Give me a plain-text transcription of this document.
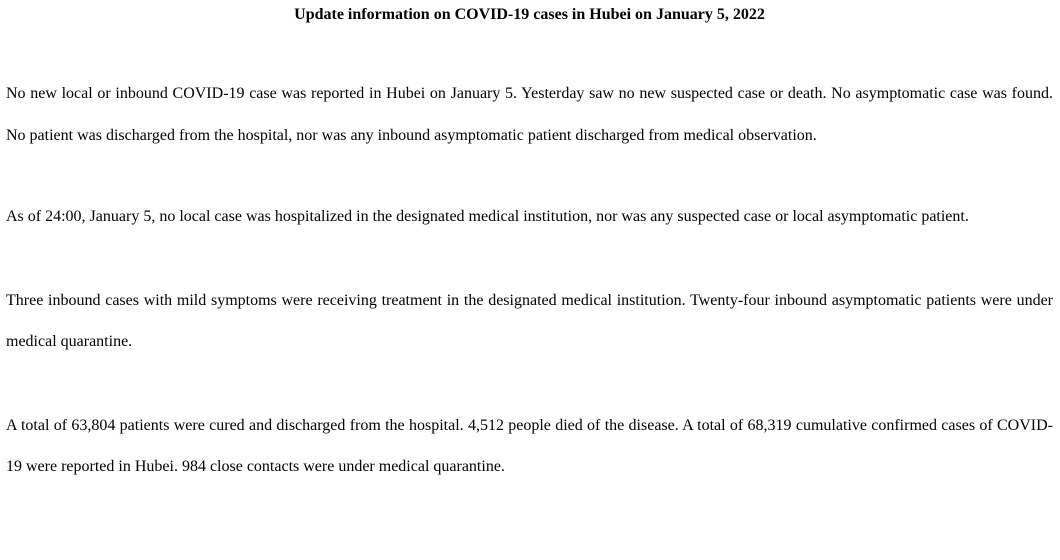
Update information on COVID-19 cases in Hubei on January 5, 2022

No new local or inbound COVID-19 case was reported in Hubei on January 5. Yesterday saw no new suspected case or death. No asymptomatic case was found. No patient was discharged from the hospital, nor was any inbound asymptomatic patient discharged from medical observation.

As of 24:00, January 5, no local case was hospitalized in the designated medical institution, nor was any suspected case or local asymptomatic patient.

Three inbound cases with mild symptoms were receiving treatment in the designated medical institution. Twenty-four inbound asymptomatic patients were under medical quarantine.

A total of 63,804 patients were cured and discharged from the hospital. 4,512 people died of the disease. A total of 68,319 cumulative confirmed cases of COVID-19 were reported in Hubei. 984 close contacts were under medical quarantine.
